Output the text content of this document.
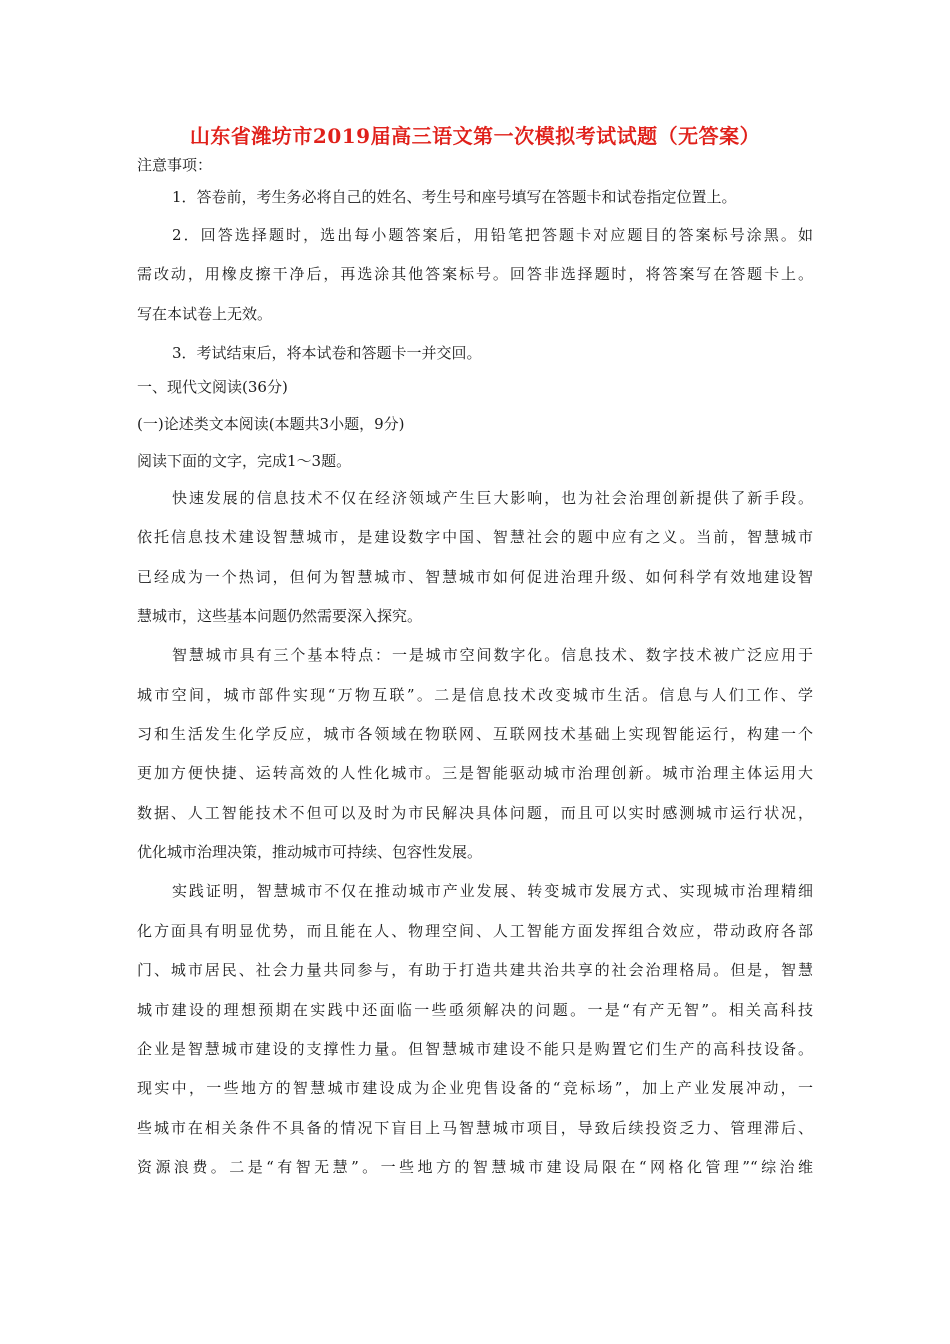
山东省潍坊市2019届高三语文第一次模拟考试试题（无答案）
注意事项：
1．答卷前，考生务必将自己的姓名、考生号和座号填写在答题卡和试卷指定位置上。
2．回答选择题时，选出每小题答案后，用铅笔把答题卡对应题目的答案标号涂黑。如
需改动，用橡皮擦干净后，再选涂其他答案标号。回答非选择题时，将答案写在答题卡上。
写在本试卷上无效。
3．考试结束后，将本试卷和答题卡一并交回。
一、现代文阅读(36分)
(一)论述类文本阅读(本题共3小题，9分)
阅读下面的文字，完成1～3题。
快速发展的信息技术不仅在经济领域产生巨大影响，也为社会治理创新提供了新手段。
依托信息技术建设智慧城市，是建设数字中国、智慧社会的题中应有之义。当前，智慧城市
已经成为一个热词，但何为智慧城市、智慧城市如何促进治理升级、如何科学有效地建设智
慧城市，这些基本问题仍然需要深入探究。
智慧城市具有三个基本特点：一是城市空间数字化。信息技术、数字技术被广泛应用于
城市空间，城市部件实现“万物互联”。二是信息技术改变城市生活。信息与人们工作、学
习和生活发生化学反应，城市各领域在物联网、互联网技术基础上实现智能运行，构建一个
更加方便快捷、运转高效的人性化城市。三是智能驱动城市治理创新。城市治理主体运用大
数据、人工智能技术不但可以及时为市民解决具体问题，而且可以实时感测城市运行状况，
优化城市治理决策，推动城市可持续、包容性发展。
实践证明，智慧城市不仅在推动城市产业发展、转变城市发展方式、实现城市治理精细
化方面具有明显优势，而且能在人、物理空间、人工智能方面发挥组合效应，带动政府各部
门、城市居民、社会力量共同参与，有助于打造共建共治共享的社会治理格局。但是，智慧
城市建设的理想预期在实践中还面临一些亟须解决的问题。一是“有产无智”。相关高科技
企业是智慧城市建设的支撑性力量。但智慧城市建设不能只是购置它们生产的高科技设备。
现实中，一些地方的智慧城市建设成为企业兜售设备的“竞标场”，加上产业发展冲动，一
些城市在相关条件不具备的情况下盲目上马智慧城市项目，导致后续投资乏力、管理滞后、
资源浪费。二是“有智无慧”。一些地方的智慧城市建设局限在“网格化管理”“综治维
